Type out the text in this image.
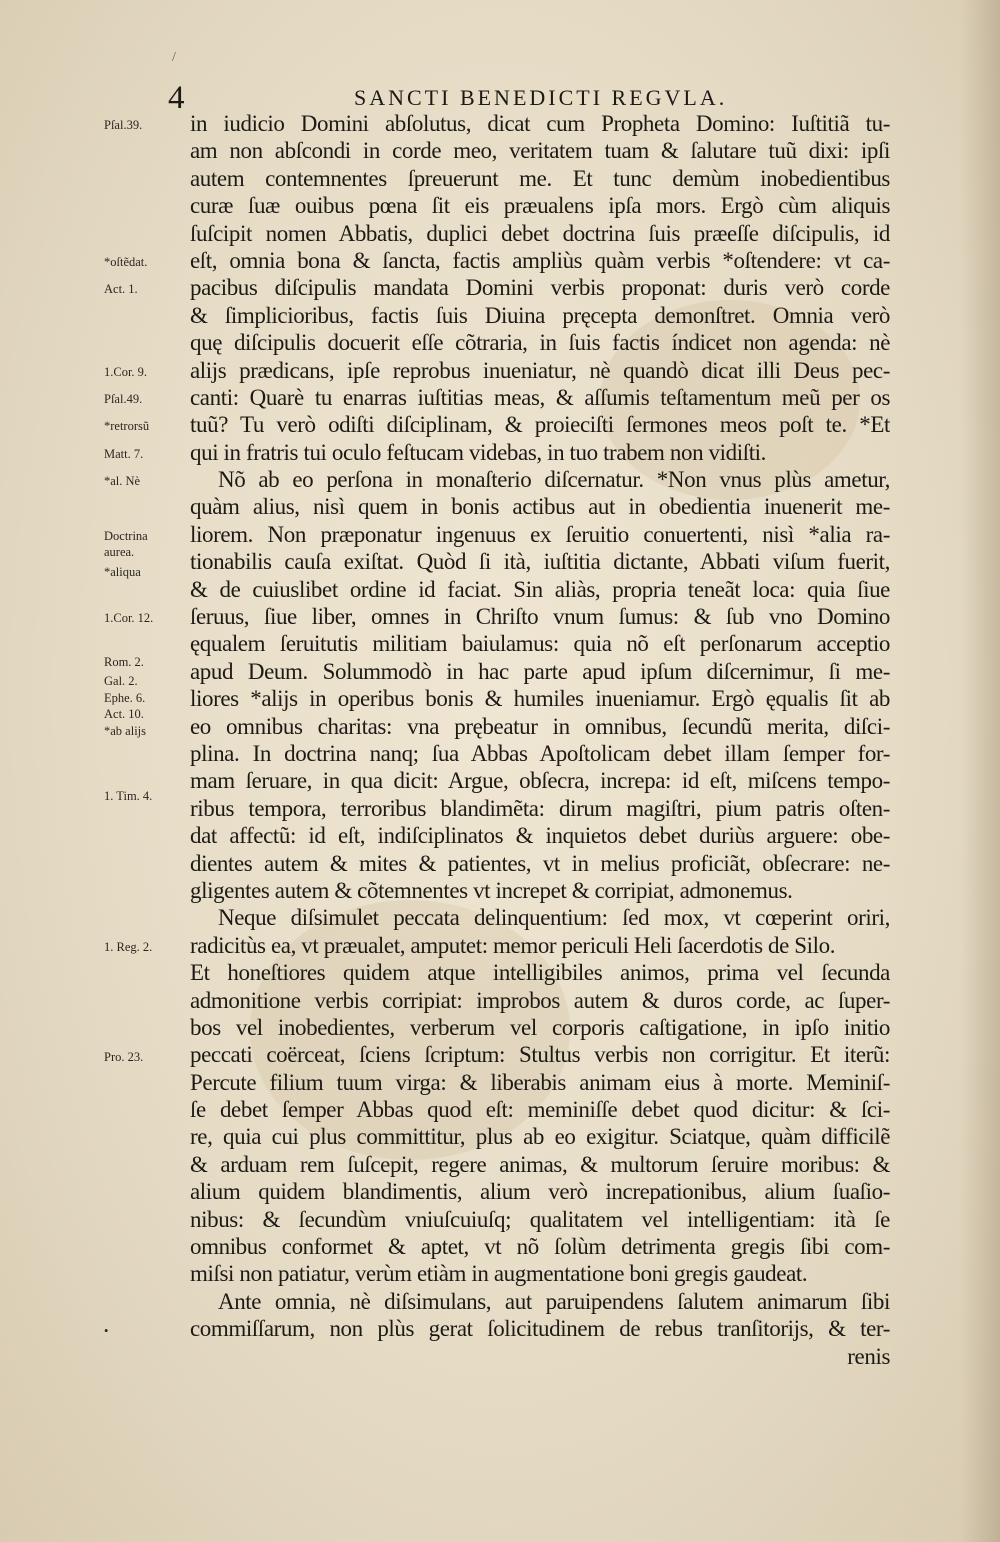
/
4	SANCTI BENEDICTI REGVLA.
Pſal.39.
*oſtẽdat.
Act. 1.
1.Cor. 9.
Pſal.49.
*retrorsũ
Matt. 7.
*al. Nè
Doctrina
aurea.
*aliqua
1.Cor. 12.
Rom. 2.
Gal. 2.
Ephe. 6.
Act. 10.
*ab alijs
1. Tim. 4.
1. Reg. 2.
Pro. 23.
•
in iudicio Domini abſolutus, dicat cum Propheta Domino: Iuſtitiã tu-
am non abſcondi in corde meo, veritatem tuam & ſalutare tuũ dixi: ipſi
autem contemnentes ſpreuerunt me. Et tunc demùm inobedientibus
curæ ſuæ ouibus pœna ſit eis præualens ipſa mors. Ergò cùm aliquis
ſuſcipit nomen Abbatis, duplici debet doctrina ſuis præeſſe diſcipulis, id
eſt, omnia bona & ſancta, factis ampliùs quàm verbis *oſtendere: vt ca-
pacibus diſcipulis mandata Domini verbis proponat: duris verò corde
& ſimplicioribus, factis ſuis Diuina pręcepta demonſtret. Omnia verò
quę diſcipulis docuerit eſſe cõtraria, in ſuis factis índicet non agenda: nè
alijs prædicans, ipſe reprobus inueniatur, nè quandò dicat illi Deus pec-
canti: Quarè tu enarras iuſtitias meas, & aſſumis teſtamentum meũ per os
tuũ? Tu verò odiſti diſciplinam, & proieciſti ſermones meos poſt te. *Et
qui in fratris tui oculo feſtucam videbas, in tuo trabem non vidiſti.
Nõ ab eo perſona in monaſterio diſcernatur. *Non vnus plùs ametur,
quàm alius, nisì quem in bonis actibus aut in obedientia inuenerit me-
liorem. Non præponatur ingenuus ex ſeruitio conuertenti, nisì *alia ra-
tionabilis cauſa exiſtat. Quòd ſi ità, iuſtitia dictante, Abbati viſum fuerit,
& de cuiuslibet ordine id faciat. Sin aliàs, propria teneãt loca: quia ſiue
ſeruus, ſiue liber, omnes in Chriſto vnum ſumus: & ſub vno Domino
ęqualem ſeruitutis militiam baiulamus: quia nõ eſt perſonarum acceptio
apud Deum. Solummodò in hac parte apud ipſum diſcernimur, ſi me-
liores *alijs in operibus bonis & humiles inueniamur. Ergò ęqualis ſit ab
eo omnibus charitas: vna prębeatur in omnibus, ſecundũ merita, diſci-
plina. In doctrina nanq; ſua Abbas Apoſtolicam debet illam ſemper for-
mam ſeruare, in qua dicit: Argue, obſecra, increpa: id eſt, miſcens tempo-
ribus tempora, terroribus blandimẽta: dirum magiſtri, pium patris oſten-
dat affectũ: id eſt, indiſciplinatos & inquietos debet duriùs arguere: obe-
dientes autem & mites & patientes, vt in melius proficiãt, obſecrare: ne-
gligentes autem & cõtemnentes vt increpet & corripiat, admonemus.
Neque diſsimulet peccata delinquentium: ſed mox, vt cœperint oriri,
radicitùs ea, vt præualet, amputet: memor periculi Heli ſacerdotis de Silo.
Et honeſtiores quidem atque intelligibiles animos, prima vel ſecunda
admonitione verbis corripiat: improbos autem & duros corde, ac ſuper-
bos vel inobedientes, verberum vel corporis caſtigatione, in ipſo initio
peccati coërceat, ſciens ſcriptum: Stultus verbis non corrigitur. Et iterũ:
Percute filium tuum virga: & liberabis animam eius à morte. Meminiſ-
ſe debet ſemper Abbas quod eſt: meminiſſe debet quod dicitur: & ſci-
re, quia cui plus committitur, plus ab eo exigitur. Sciatque, quàm difficilẽ
& arduam rem ſuſcepit, regere animas, & multorum ſeruire moribus: &
alium quidem blandimentis, alium verò increpationibus, alium ſuaſio-
nibus: & ſecundùm vniuſcuiuſq; qualitatem vel intelligentiam: ità ſe
omnibus conformet & aptet, vt nõ ſolùm detrimenta gregis ſibi com-
miſsi non patiatur, verùm etiàm in augmentatione boni gregis gaudeat.
Ante omnia, nè diſsimulans, aut paruipendens ſalutem animarum ſibi
commiſſarum, non plùs gerat ſolicitudinem de rebus tranſitorijs, & ter-
renis
